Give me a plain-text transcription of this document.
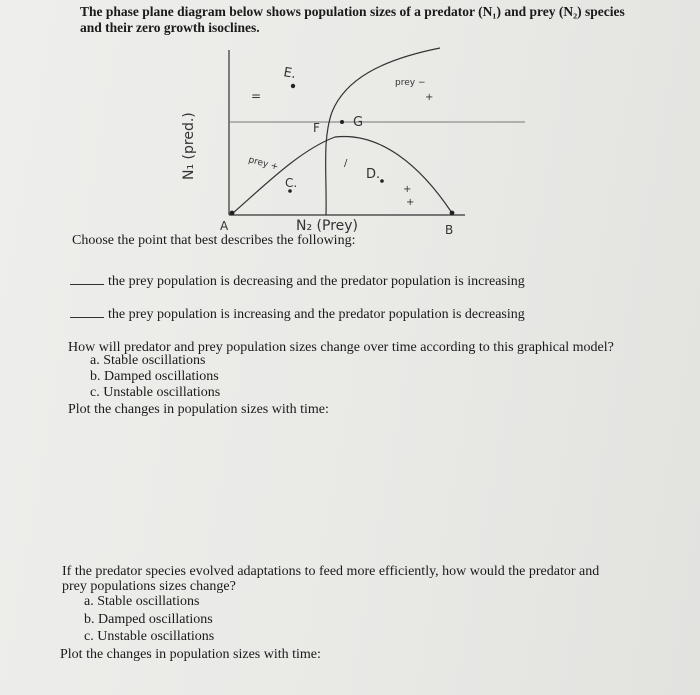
The phase plane diagram below shows population sizes of a predator (N₁) and prey (N₂) species
and their zero growth isoclines.
E.
F	G
C.
D.
A	B
N₁ (pred.)
N₂ (Prey)
prey +
prey −
+
=
/
+
+
Choose the point that best describes the following:
the prey population is decreasing and the predator population is increasing
the prey population is increasing and the predator population is decreasing
How will predator and prey population sizes change over time according to this graphical model?
a. Stable oscillations
b. Damped oscillations
c. Unstable oscillations
Plot the changes in population sizes with time:
If the predator species evolved adaptations to feed more efficiently, how would the predator and
prey populations sizes change?
a. Stable oscillations
b. Damped oscillations
c. Unstable oscillations
Plot the changes in population sizes with time:
